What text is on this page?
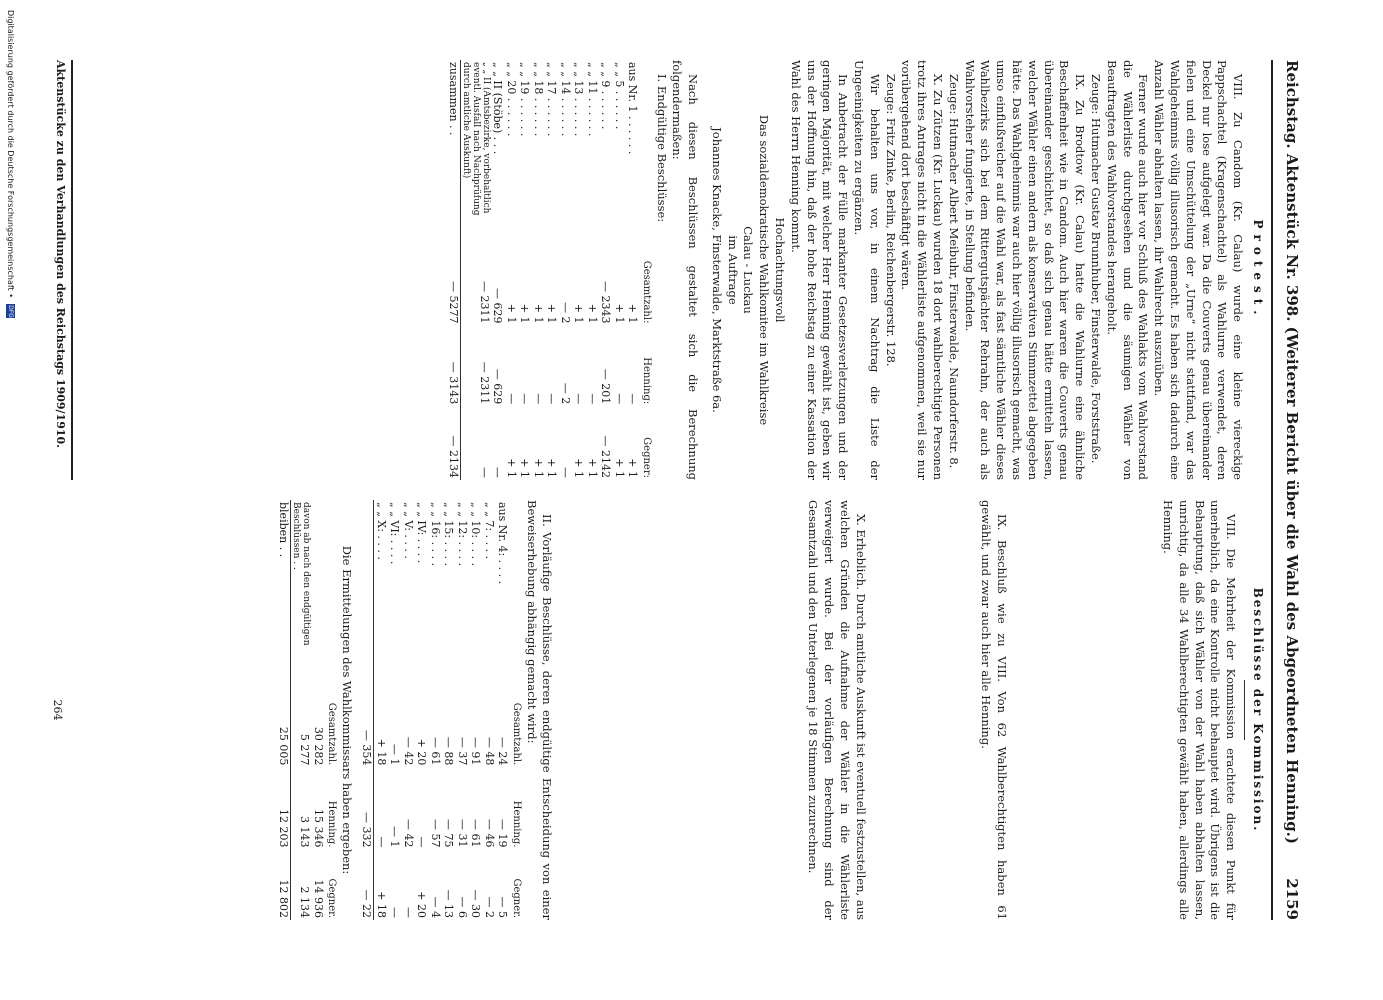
Reichstag. Aktenstück Nr. 398. (Weiterer Bericht über die Wahl des Abgeordneten Henning.)
2159
Protest.

VIII. Zu Candom (Kr. Calau) wurde eine kleine viereckige Pappschachtel (Kragenschachtel) als Wahlurne verwendet, deren Deckel nur lose aufgelegt war. Da die Couverts genau übereinander fielen und eine Umschüttelung der „Urne“ nicht stattfand, war das Wahlgeheimnis völlig illusorisch gemacht. Es haben sich dadurch eine Anzahl Wähler abhalten lassen, ihr Wahlrecht auszuüben.

Ferner wurde auch hier vor Schluß des Wahlakts vom Wahlvorstand die Wählerliste durchgesehen und die säumigen Wähler von Beauftragten des Wahlvorstandes herangeholt.

Zeuge: Hutmacher Gustav Brunnhuber, Finsterwalde, Forststraße.

IX. Zu Brodtow (Kr. Calau) hatte die Wahlurne eine ähnliche Beschaffenheit wie in Candom. Auch hier waren die Couverts genau übereinander geschichtet, so daß sich genau hätte ermitteln lassen, welcher Wähler einen andern als konservativen Stimmzettel abgegeben hätte. Das Wahlgeheimnis war auch hier völlig illusorisch gemacht, was umso einflußreicher auf die Wahl war, als fast sämtliche Wähler dieses Wahlbezirks sich bei dem Rittergutspächter Rehrahn, der auch als Wahlvorsteher fungierte, in Stellung befinden.

Zeuge: Hutmacher Albert Meibuhr, Finsterwalde, Naundorferstr. 8.

X. Zu Zützen (Kr. Luckau) wurden 18 dort wahlberechtigte Personen trotz ihres Antrages nicht in die Wählerliste aufgenommen, weil sie nur vorübergehend dort beschäftigt wären.

Zeuge: Fritz Zinke, Berlin, Reichenbergerstr. 128.

Wir behalten uns vor, in einem Nachtrag die Liste der Ungeeinigkeiten zu ergänzen.

In Anbetracht der Fülle markanter Gesetzesverletzungen und der geringen Majorität, mit welcher Herr Henning gewählt ist, geben wir uns der Hoffnung hin, daß der hohe Reichstag zu einer Kassation der Wahl des Herrn Henning kommt.

Hochachtungsvoll

Das sozialdemokratische Wahlkomitee im Wahlkreise

Calau - Luckau

im Auftrage

Johannes Knacke, Finsterwalde, Marktstraße 6a.

Nach diesen Beschlüssen gestaltet sich die Berechnung folgendermaßen:

I. Endgültige Beschlüsse:

	Gesamtzahl:	Henning:	Gegner:
aus Nr. 1 . . . . . .	+ 1	—	+ 1
„ „ 5 . . . . . .	+ 1	—	+ 1
„ „ 9 . . . . . .	— 2343	— 201	— 2142
„ „ 11 . . . . . .	+ 1	—	+ 1
„ „ 13 . . . . . .	+ 1	—	+ 1
„ „ 14 . . . . . .	— 2	— 2	—
„ „ 17 . . . . . .	+ 1	—	+ 1
„ „ 18 . . . . . .	+ 1	—	+ 1
„ „ 19 . . . . . .	+ 1	—	+ 1
„ „ 20 . . . . . .	+ 1	—	+ 1
„ „ II (Stöbe) . . .	— 629	— 629	—
„ „ II (Amtsbezirke, vorbehaltlich eventl. Ausfall nach Nachprüfung durch amtliche Auskunft)	— 2311	— 2311	—
zusammen . .	— 5277	— 3143	— 2134
Beschlüsse der Kommission.

VIII. Die Mehrheit der Kommission erachtete diesen Punkt für unerheblich, da eine Kontrolle nicht behauptet wird. Übrigens ist die Behauptung, daß sich Wähler von der Wahl haben abhalten lassen, unrichtig, da alle 34 Wahlberechtigten gewählt haben, allerdings alle Henning.

IX. Beschluß wie zu VIII. Von 62 Wahlberechtigten haben 61 gewählt, und zwar auch hier alle Henning.

X. Erheblich. Durch amtliche Auskunft ist eventuell festzustellen, aus welchen Gründen die Aufnahme der Wähler in die Wählerliste verweigert wurde. Bei der vorläufigen Berechnung sind der Gesamtzahl und den Unterlegenen je 18 Stimmen zuzurechnen.

II. Vorläufige Beschlüsse, deren endgültige Entscheidung von einer Beweiserhebung abhängig gemacht wird:

	Gesamtzahl.	Henning.	Gegner.
aus Nr. 4: . . . .	— 24	— 19	— 5
„ „ 7: . . . .	— 48	— 46	— 2
„ „ 10: . . . .	— 91	— 61	— 30
„ „ 12: . . . .	— 37	— 31	— 6
„ „ 15: . . . .	— 88	— 75	— 13
„ „ 16: . . . .	— 61	— 57	— 4
„ „ IV: . . . .	+ 20	—	+ 20
„ „ V: . . . .	— 42	— 42	—
„ „ VI: . . . .	— 1	— 1	—
„ „ X: . . . .	+ 18	—	+ 18
	— 354	— 332	— 22

Die Ermittelungen des Wahlkommissars haben ergeben:

	Gesamtzahl.	Henning.	Gegner.
	30 282	15 346	14 936
davon ab nach den endgültigen Beschlüssen . .	5 277	3 143	2 134
bleiben . .	25 005	12 203	12 802
Aktenstücke zu den Verhandlungen des Reichstags 1909/1910.
264
Digitalisierung gefördert durch die Deutsche Forschungsgemeinschaft • DFG
